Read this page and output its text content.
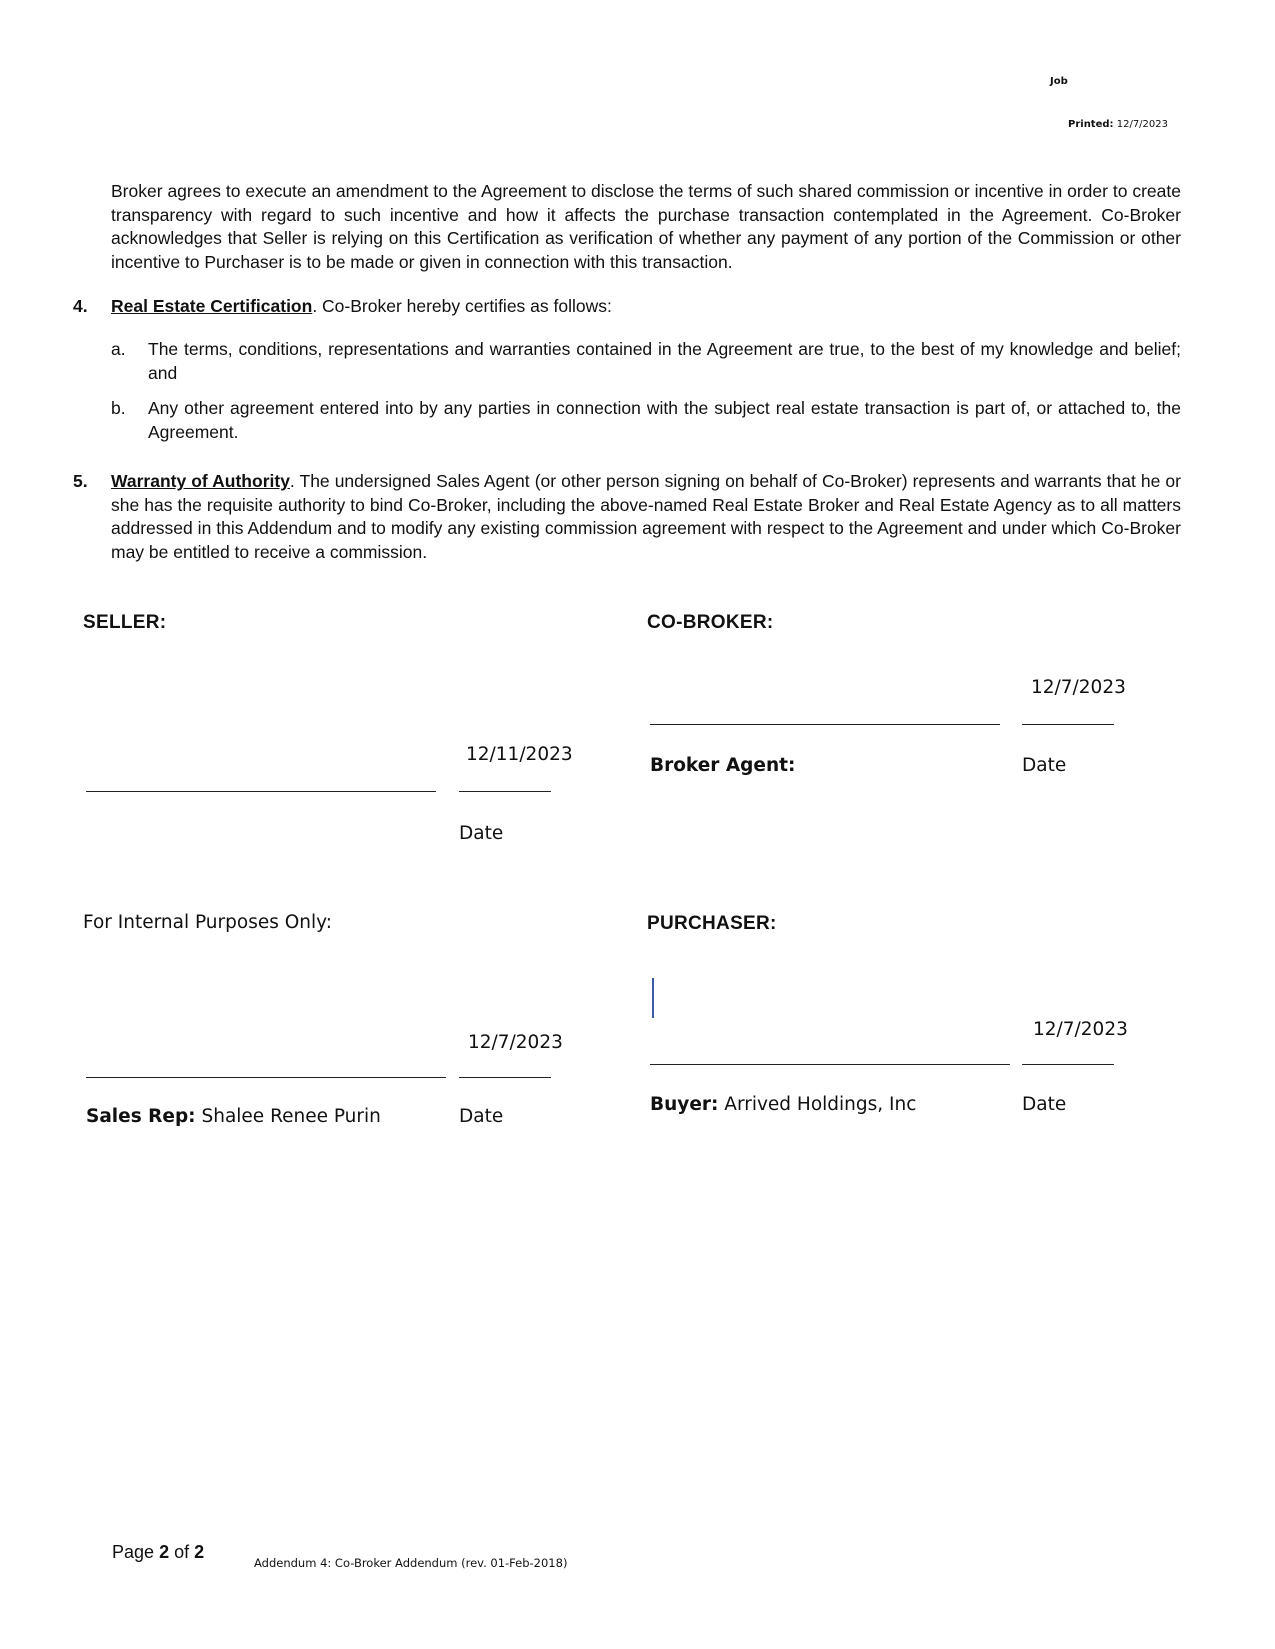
Job
Printed: 12/7/2023
Broker agrees to execute an amendment to the Agreement to disclose the terms of such shared commission or incentive in order to create transparency with regard to such incentive and how it affects the purchase transaction contemplated in the Agreement. Co-Broker acknowledges that Seller is relying on this Certification as verification of whether any payment of any portion of the Commission or other incentive to Purchaser is to be made or given in connection with this transaction.
4. Real Estate Certification. Co-Broker hereby certifies as follows:
a. The terms, conditions, representations and warranties contained in the Agreement are true, to the best of my knowledge and belief; and
b. Any other agreement entered into by any parties in connection with the subject real estate transaction is part of, or attached to, the Agreement.
5. Warranty of Authority. The undersigned Sales Agent (or other person signing on behalf of Co-Broker) represents and warrants that he or she has the requisite authority to bind Co-Broker, including the above-named Real Estate Broker and Real Estate Agency as to all matters addressed in this Addendum and to modify any existing commission agreement with respect to the Agreement and under which Co-Broker may be entitled to receive a commission.
SELLER:
12/11/2023
Date
CO-BROKER:
12/7/2023
Broker Agent:	Date
For Internal Purposes Only:
12/7/2023
Sales Rep: Shalee Renee Purin	Date
PURCHASER:
12/7/2023
Buyer: Arrived Holdings, Inc	Date
Page 2 of 2
Addendum 4: Co-Broker Addendum (rev. 01-Feb-2018)
